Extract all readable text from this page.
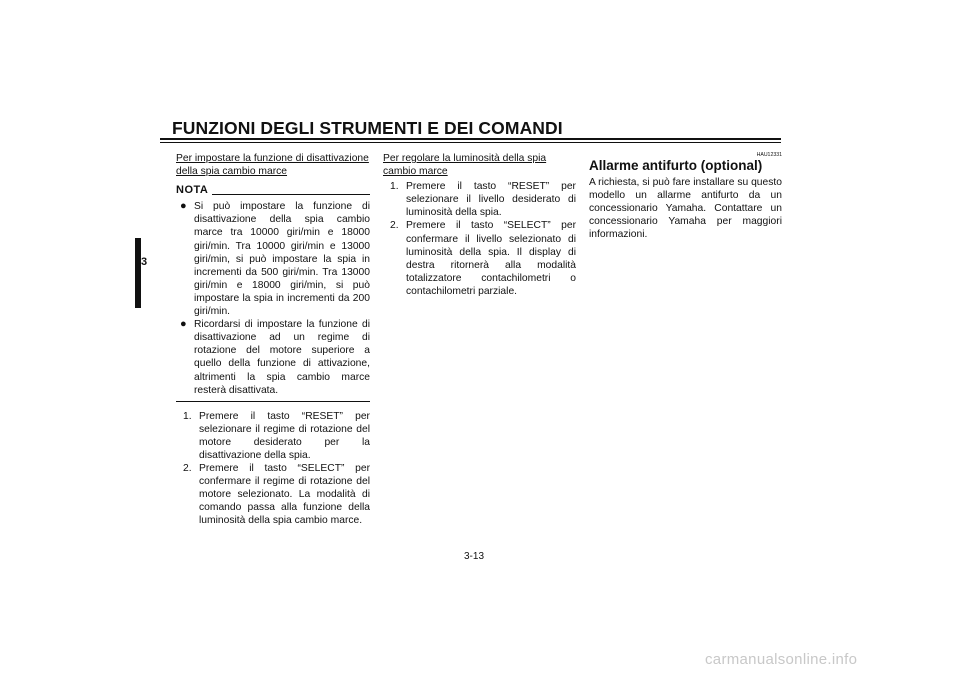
FUNZIONI DEGLI STRUMENTI E DEI COMANDI
3

Per impostare la funzione di disattivazione della spia cambio marce

NOTA
● Si può impostare la funzione di disattivazione della spia cambio marce tra 10000 giri/min e 18000 giri/min. Tra 10000 giri/min e 13000 giri/min, si può impostare la spia in incrementi da 500 giri/min. Tra 13000 giri/min e 18000 giri/min, si può impostare la spia in incrementi da 200 giri/min.
● Ricordarsi di impostare la funzione di disattivazione ad un regime di rotazione del motore superiore a quello della funzione di attivazione, altrimenti la spia cambio marce resterà disattivata.
1. Premere il tasto “RESET” per selezionare il regime di rotazione del motore desiderato per la disattivazione della spia.
2. Premere il tasto “SELECT” per confermare il regime di rotazione del motore selezionato. La modalità di comando passa alla funzione della luminosità della spia cambio marce.

Per regolare la luminosità della spia cambio marce

1. Premere il tasto “RESET” per selezionare il livello desiderato di luminosità della spia.
2. Premere il tasto “SELECT” per confermare il livello selezionato di luminosità della spia. Il display di destra ritornerà alla modalità totalizzatore contachilometri o contachilometri parziale.

HAU12331

Allarme antifurto (optional)

A richiesta, si può fare installare su questo modello un allarme antifurto da un concessionario Yamaha. Contattare un concessionario Yamaha per maggiori informazioni.

3-13
carmanualsonline.info
